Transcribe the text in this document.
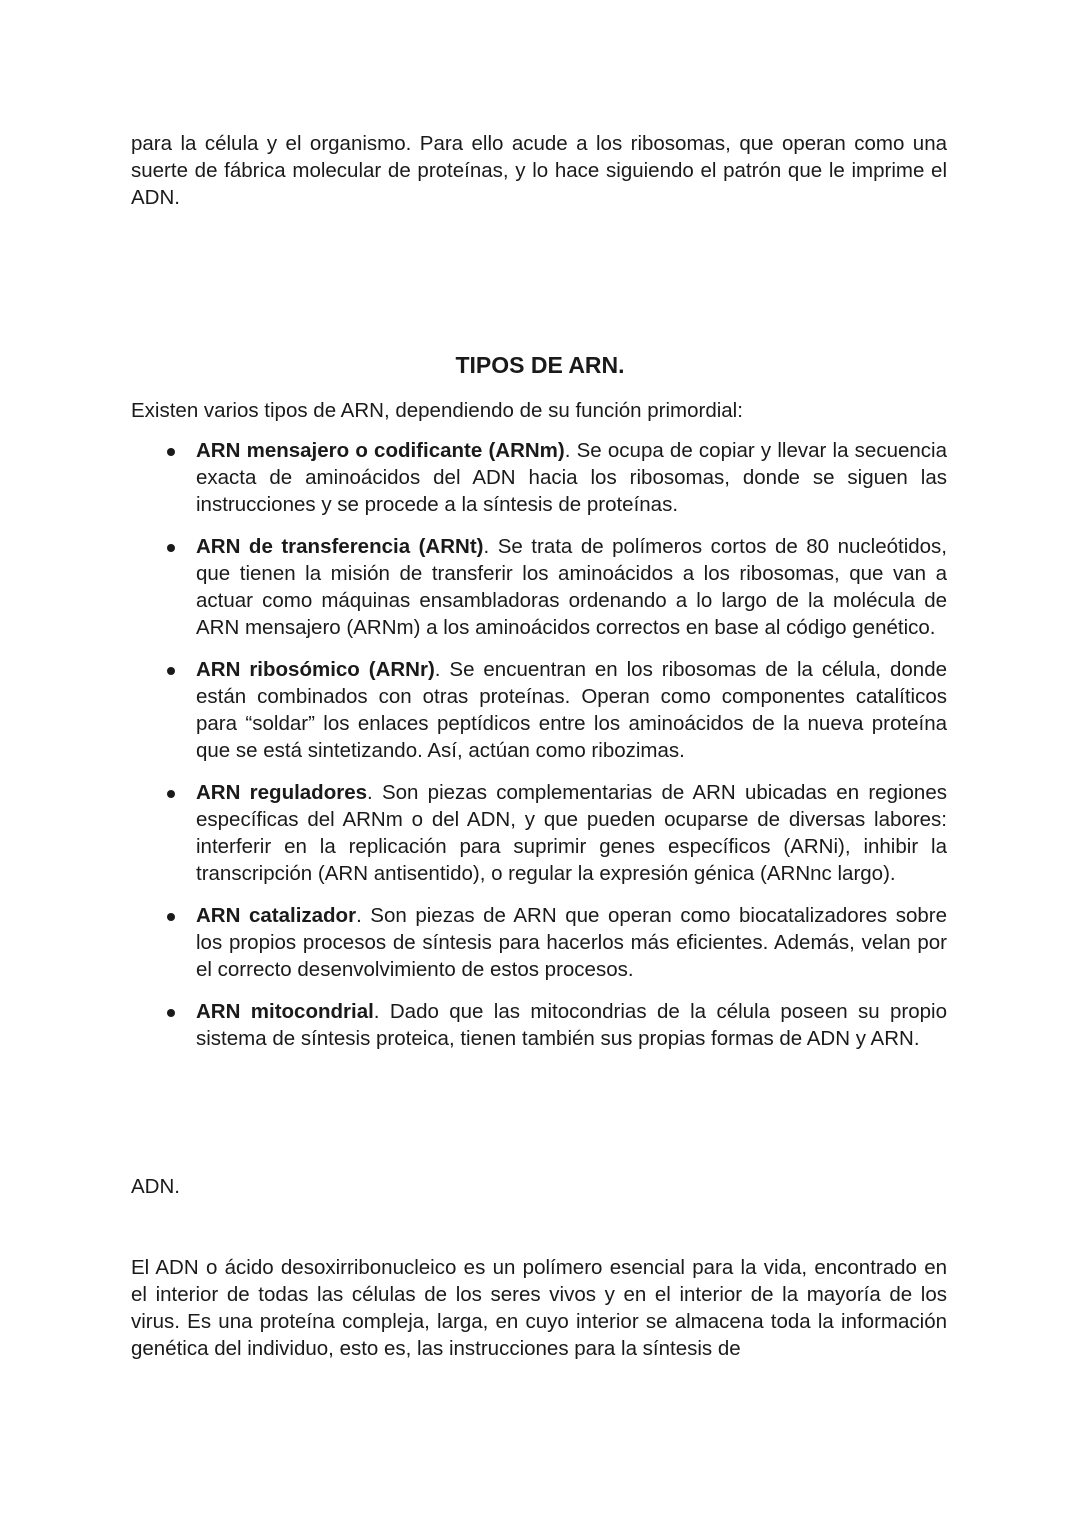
para la célula y el organismo. Para ello acude a los ribosomas, que operan como una suerte de fábrica molecular de proteínas, y lo hace siguiendo el patrón que le imprime el ADN.

TIPOS DE ARN.

Existen varios tipos de ARN, dependiendo de su función primordial:

ARN mensajero o codificante (ARNm). Se ocupa de copiar y llevar la secuencia exacta de aminoácidos del ADN hacia los ribosomas, donde se siguen las instrucciones y se procede a la síntesis de proteínas.
ARN de transferencia (ARNt). Se trata de polímeros cortos de 80 nucleótidos, que tienen la misión de transferir los aminoácidos a los ribosomas, que van a actuar como máquinas ensambladoras ordenando a lo largo de la molécula de ARN mensajero (ARNm) a los aminoácidos correctos en base al código genético.
ARN ribosómico (ARNr). Se encuentran en los ribosomas de la célula, donde están combinados con otras proteínas. Operan como componentes catalíticos para “soldar” los enlaces peptídicos entre los aminoácidos de la nueva proteína que se está sintetizando. Así, actúan como ribozimas.
ARN reguladores. Son piezas complementarias de ARN ubicadas en regiones específicas del ARNm o del ADN, y que pueden ocuparse de diversas labores: interferir en la replicación para suprimir genes específicos (ARNi), inhibir la transcripción (ARN antisentido), o regular la expresión génica (ARNnc largo).
ARN catalizador. Son piezas de ARN que operan como biocatalizadores sobre los propios procesos de síntesis para hacerlos más eficientes. Además, velan por el correcto desenvolvimiento de estos procesos.
ARN mitocondrial. Dado que las mitocondrias de la célula poseen su propio sistema de síntesis proteica, tienen también sus propias formas de ADN y ARN.

ADN.

El ADN o ácido desoxirribonucleico es un polímero esencial para la vida, encontrado en el interior de todas las células de los seres vivos y en el interior de la mayoría de los virus. Es una proteína compleja, larga, en cuyo interior se almacena toda la información genética del individuo, esto es, las instrucciones para la síntesis de
